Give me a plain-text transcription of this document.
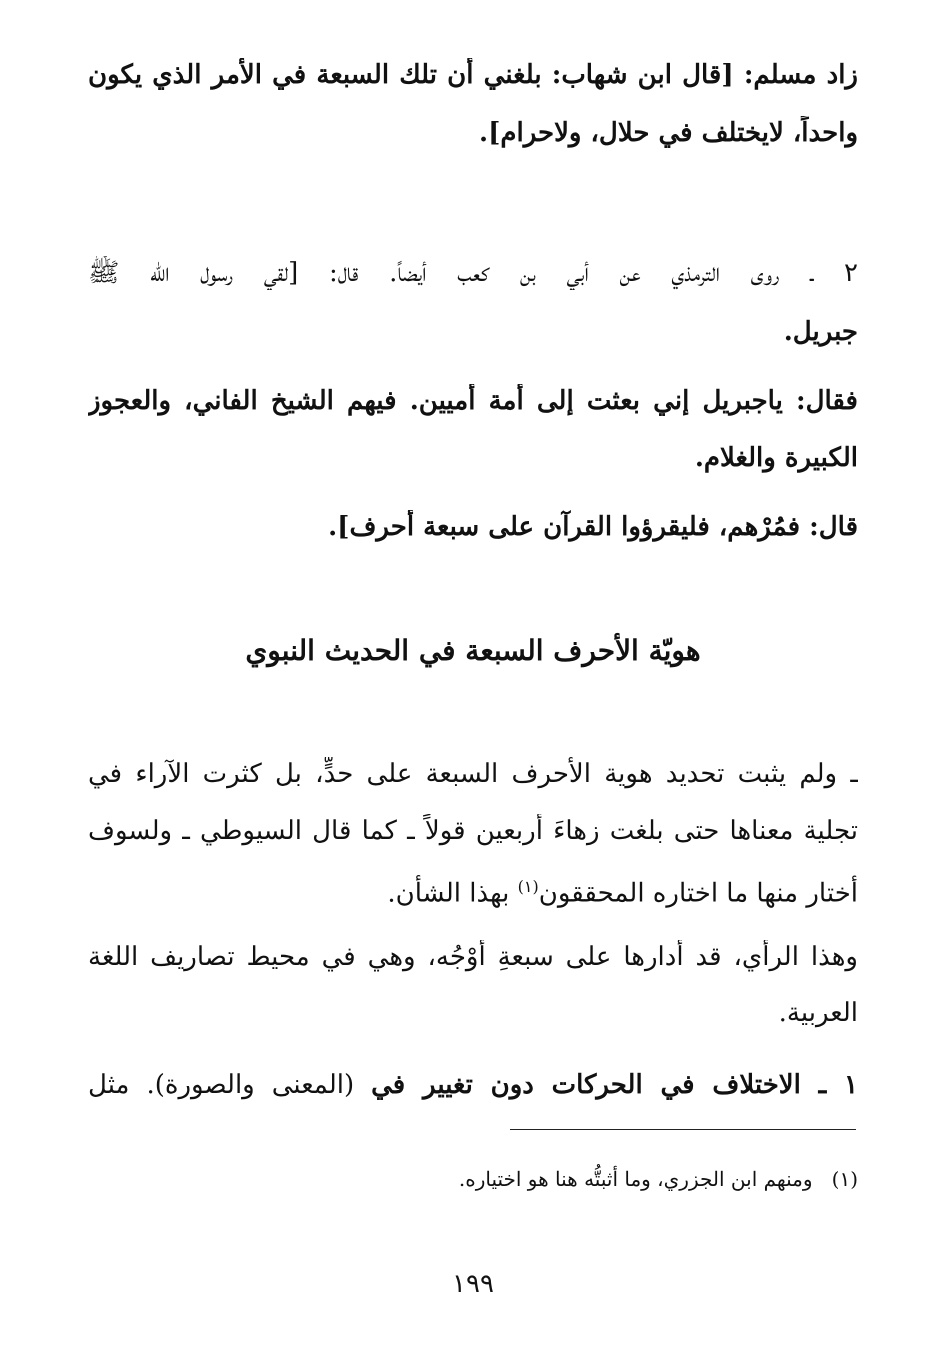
زاد مسلم: [قال ابن شهاب: بلغني أن تلك السبعة في الأمر الذي يكون
واحداً، لايختلف في حلال، ولاحرام].
٢ ـ روى الترمذي عن أبي بن كعب أيضاً. قال: [لقي رسول الله ﷺ
جبريل.
فقال: ياجبريل إني بعثت إلى أمة أميين. فيهم الشيخ الفاني، والعجوز
الكبيرة والغلام.
قال: فمُرْهم، فليقرؤوا القرآن على سبعة أَحرف].
هويّة الأحرف السبعة في الحديث النبوي
ـ ولم يثبت تحديد هوية الأحرف السبعة على حدٍّ، بل كثرت الآراء في
تجلية معناها حتى بلغت زهاءَ أربعين قولاً ـ كما قال السيوطي ـ ولسوف
أختار منها ما اختاره المحققون$^{(١)}$ بهذا الشأن.
وهذا الرأي، قد أدارها على سبعةِ أَوْجُه، وهي في محيط تصاريف اللغة
العربية.
١ ـ الاختلاف في الحركات دون تغيير في (المعنى والصورة). مثل
(١)   ومنهم ابن الجزري، وما أثبتُّه هنا هو اختياره.
١٩٩
